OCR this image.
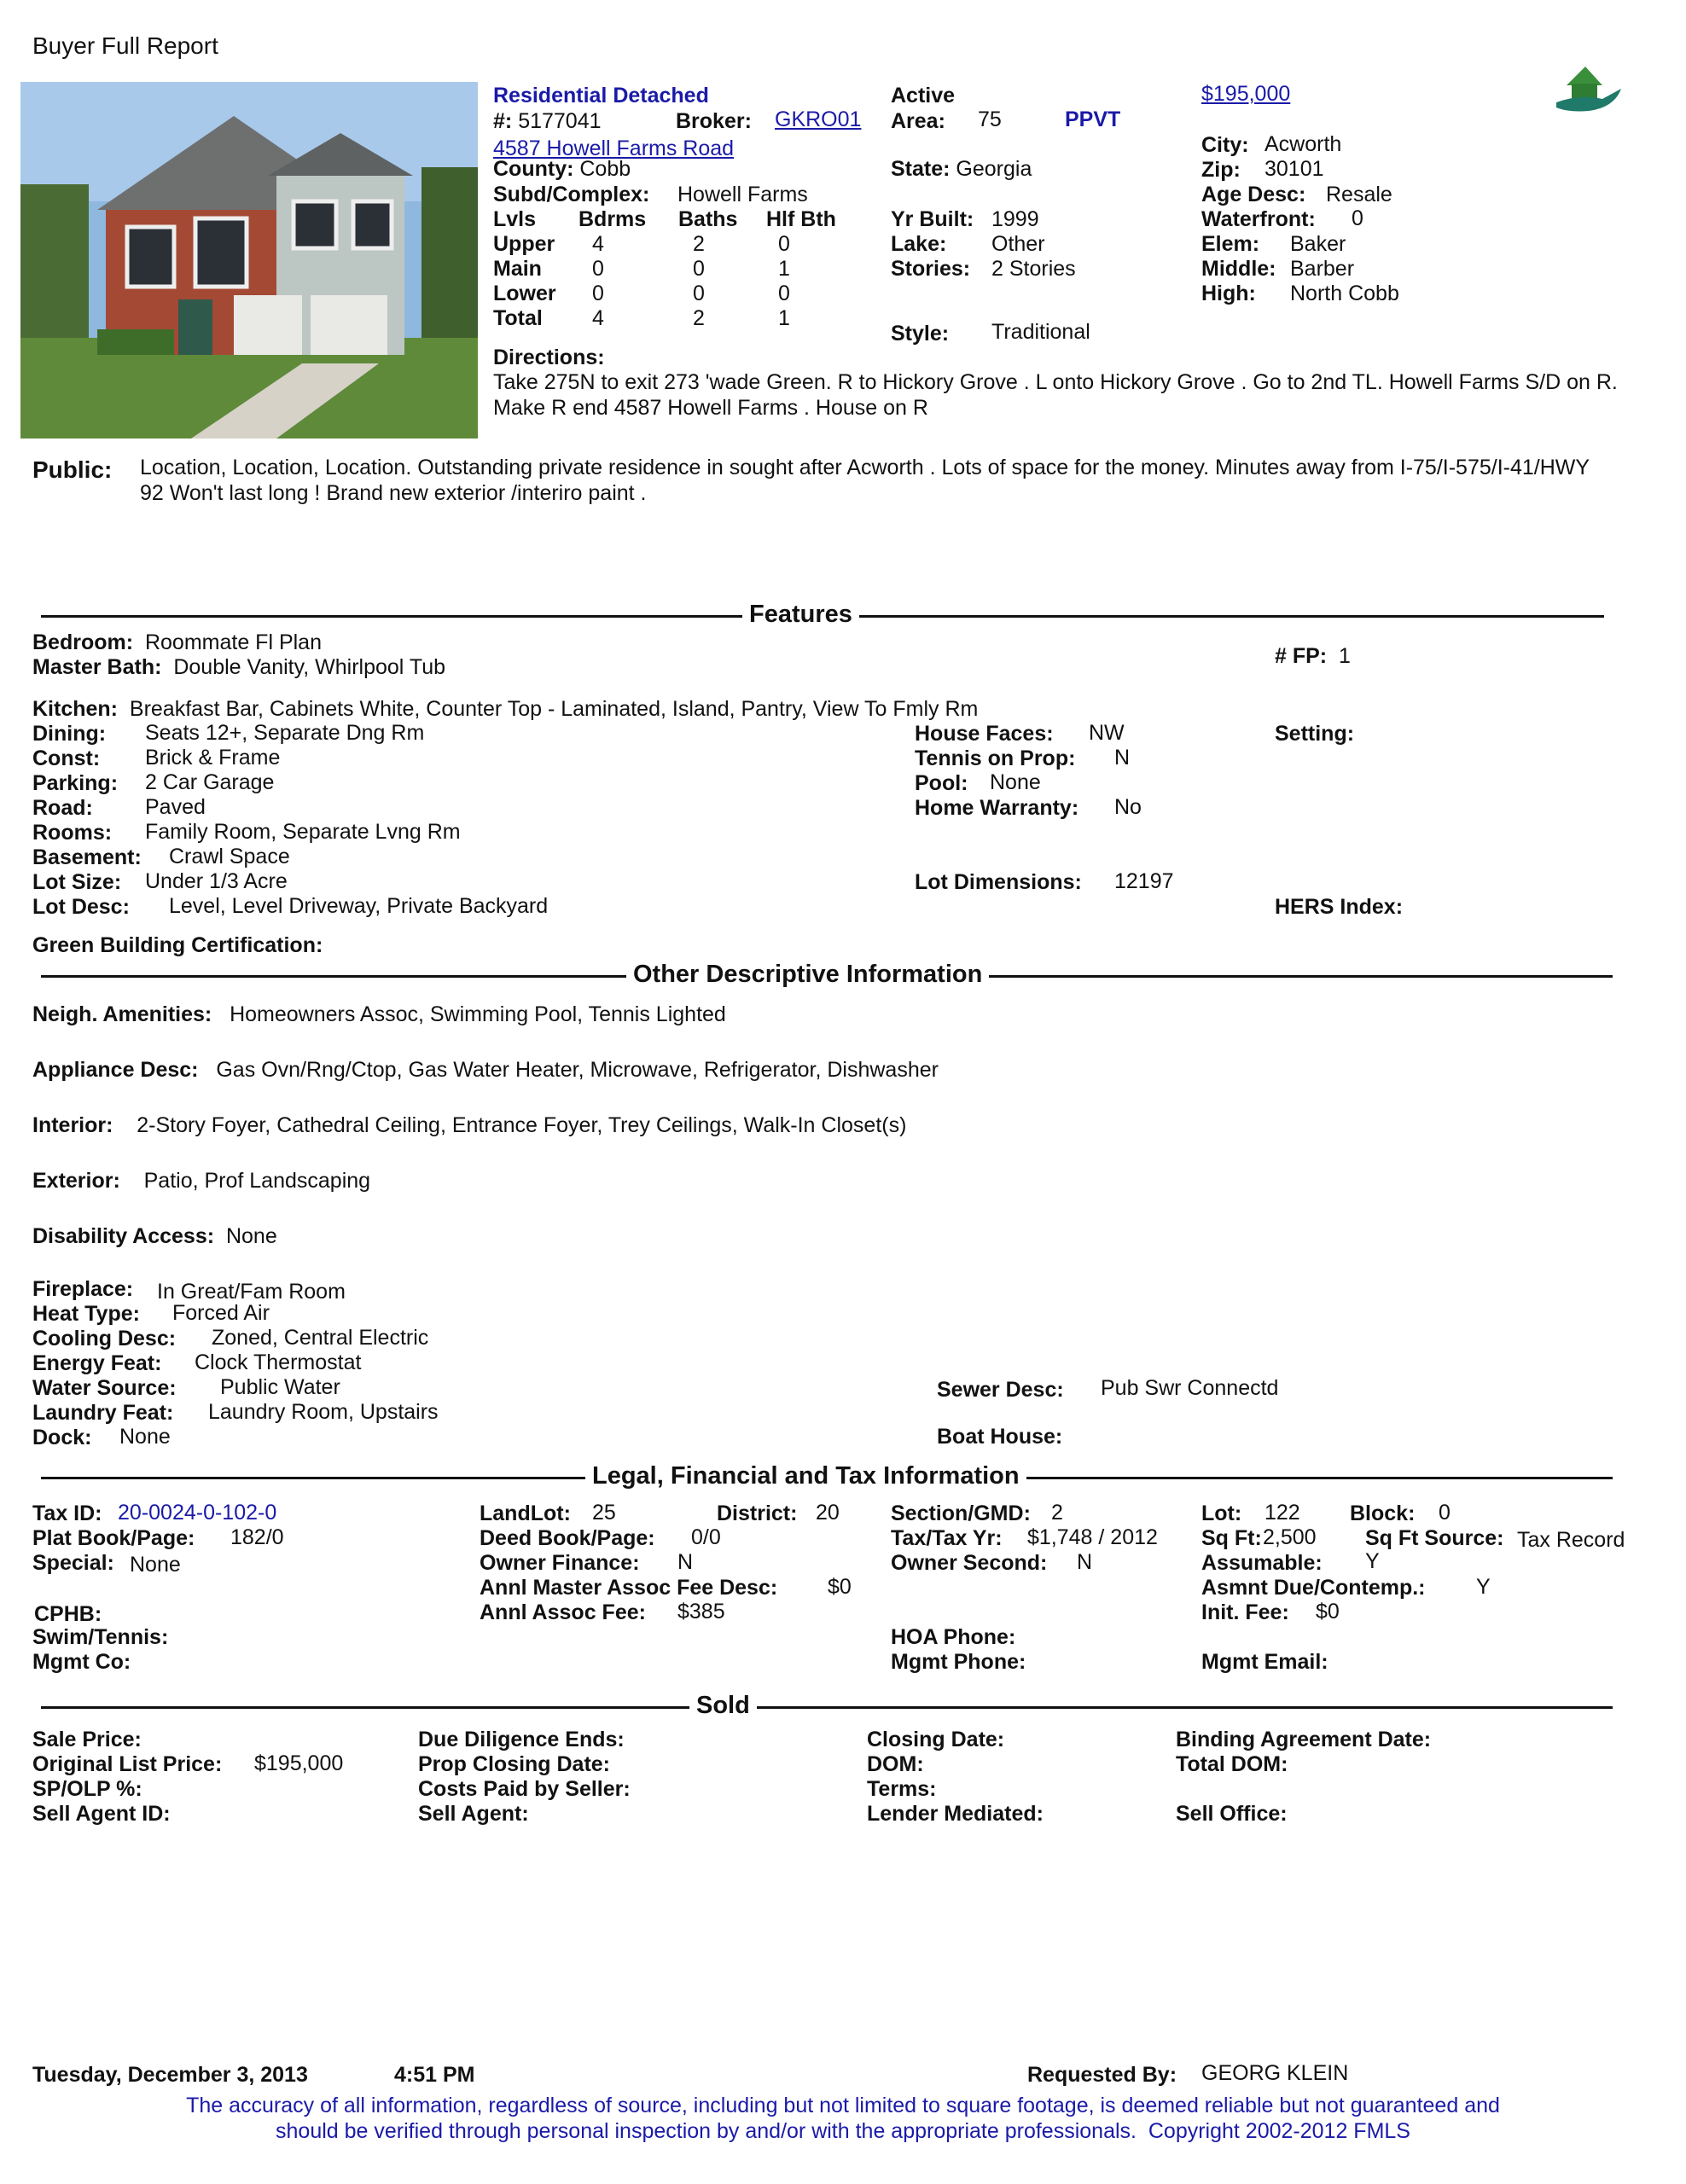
Buyer Full Report
Residential Detached
#: 5177041	Broker: GKRO01
4587 Howell Farms Road
County: Cobb
Subd/Complex: Howell Farms
Lvls Bdrms Baths Hlf Bth
Upper 4	2	0
Main 0	0	1
Lower 0	0	0
Total 4	2	1
Active
Area: 75	PPVT
State: Georgia
Yr Built: 1999
Lake: Other
Stories: 2 Stories
Style: Traditional
$195,000
City: Acworth
Zip: 30101
Age Desc: Resale
Waterfront: 0
Elem: Baker
Middle: Barber
High: North Cobb
Directions:
Take 275N to exit 273 'wade Green. R to Hickory Grove . L onto Hickory Grove . Go to 2nd TL. Howell Farms S/D on R. Make R end 4587 Howell Farms . House on R
Public: Location, Location, Location. Outstanding private residence in sought after Acworth . Lots of space for the money. Minutes away from I-75/I-575/I-41/HWY 92 Won't last long ! Brand new exterior /interiro paint .
Features
Bedroom: Roommate Fl Plan
Master Bath: Double Vanity, Whirlpool Tub	# FP: 1
Kitchen: Breakfast Bar, Cabinets White, Counter Top - Laminated, Island, Pantry, View To Fmly Rm
Dining: Seats 12+, Separate Dng Rm
Const: Brick & Frame
Parking: 2 Car Garage
Road: Paved
Rooms: Family Room, Separate Lvng Rm
Basement: Crawl Space
Lot Size: Under 1/3 Acre
Lot Desc: Level, Level Driveway, Private Backyard
Green Building Certification:
House Faces: NW
Tennis on Prop: N
Pool: None
Home Warranty: No
Lot Dimensions: 12197
Setting:
HERS Index:
Other Descriptive Information
Neigh. Amenities: Homeowners Assoc, Swimming Pool, Tennis Lighted
Appliance Desc: Gas Ovn/Rng/Ctop, Gas Water Heater, Microwave, Refrigerator, Dishwasher
Interior: 2-Story Foyer, Cathedral Ceiling, Entrance Foyer, Trey Ceilings, Walk-In Closet(s)
Exterior: Patio, Prof Landscaping
Disability Access: None
Fireplace: In Great/Fam Room
Heat Type: Forced Air
Cooling Desc: Zoned, Central Electric
Energy Feat: Clock Thermostat
Water Source: Public Water
Laundry Feat: Laundry Room, Upstairs
Dock: None
Sewer Desc: Pub Swr Connectd
Boat House:
Legal, Financial and Tax Information
Tax ID: 20-0024-0-102-0
Plat Book/Page: 182/0
Special: None
CPHB:
Swim/Tennis:
Mgmt Co:
LandLot: 25	District: 20
Deed Book/Page: 0/0
Owner Finance: N
Annl Master Assoc Fee Desc: $0
Annl Assoc Fee: $385
Section/GMD: 2
Tax/Tax Yr: $1,748 / 2012
Owner Second: N
HOA Phone:
Mgmt Phone:
Lot: 122 Block: 0
Sq Ft: 2,500 Sq Ft Source: Tax Record
Assumable: Y
Asmnt Due/Contemp.: Y
Init. Fee: $0
Mgmt Email:
Sold
Sale Price:
Original List Price: $195,000
SP/OLP %:
Sell Agent ID:
Due Diligence Ends:
Prop Closing Date:
Costs Paid by Seller:
Sell Agent:
Closing Date:
DOM:
Terms:
Lender Mediated:
Binding Agreement Date:
Total DOM:
Sell Office:
Tuesday, December 3, 2013	4:51 PM	Requested By: GEORG KLEIN
The accuracy of all information, regardless of source, including but not limited to square footage, is deemed reliable but not guaranteed and
should be verified through personal inspection by and/or with the appropriate professionals.  Copyright 2002-2012 FMLS
